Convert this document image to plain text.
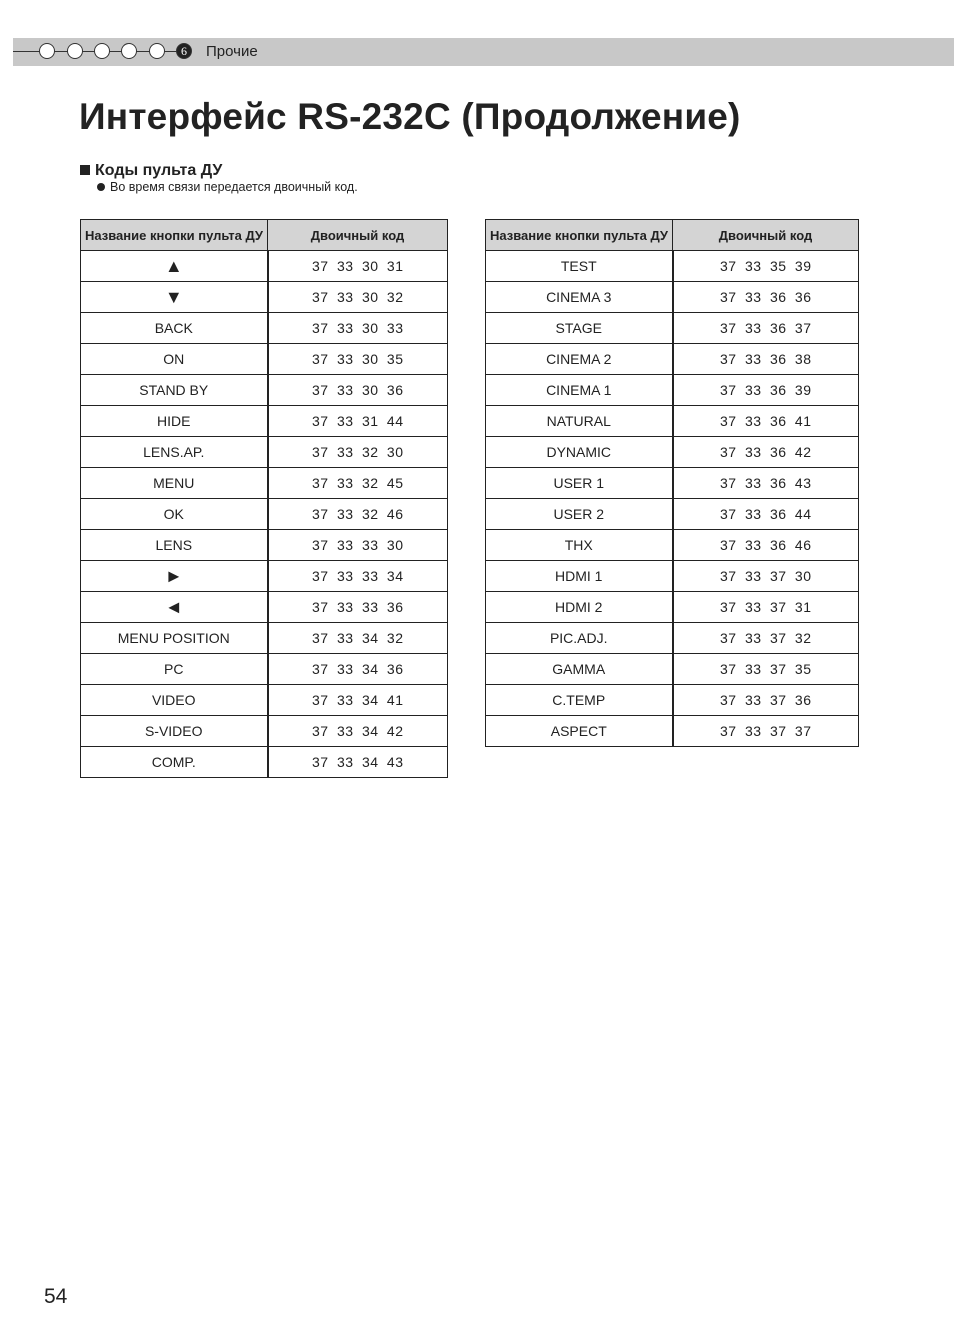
6	Прочие
Интерфейс RS-232C (Продолжение)
Коды пульта ДУ
Во время связи передается двоичный код.
Название кнопки пульта ДУ	Двоичный код
▲	37 33 30 31
▼	37 33 30 32
BACK	37 33 30 33
ON	37 33 30 35
STAND BY	37 33 30 36
HIDE	37 33 31 44
LENS.AP.	37 33 32 30
MENU	37 33 32 45
OK	37 33 32 46
LENS	37 33 33 30
►	37 33 33 34
◄	37 33 33 36
MENU POSITION	37 33 34 32
PC	37 33 34 36
VIDEO	37 33 34 41
S-VIDEO	37 33 34 42
COMP.	37 33 34 43
Название кнопки пульта ДУ	Двоичный код
TEST	37 33 35 39
CINEMA 3	37 33 36 36
STAGE	37 33 36 37
CINEMA 2	37 33 36 38
CINEMA 1	37 33 36 39
NATURAL	37 33 36 41
DYNAMIC	37 33 36 42
USER 1	37 33 36 43
USER 2	37 33 36 44
THX	37 33 36 46
HDMI 1	37 33 37 30
HDMI 2	37 33 37 31
PIC.ADJ.	37 33 37 32
GAMMA	37 33 37 35
C.TEMP	37 33 37 36
ASPECT	37 33 37 37
54
